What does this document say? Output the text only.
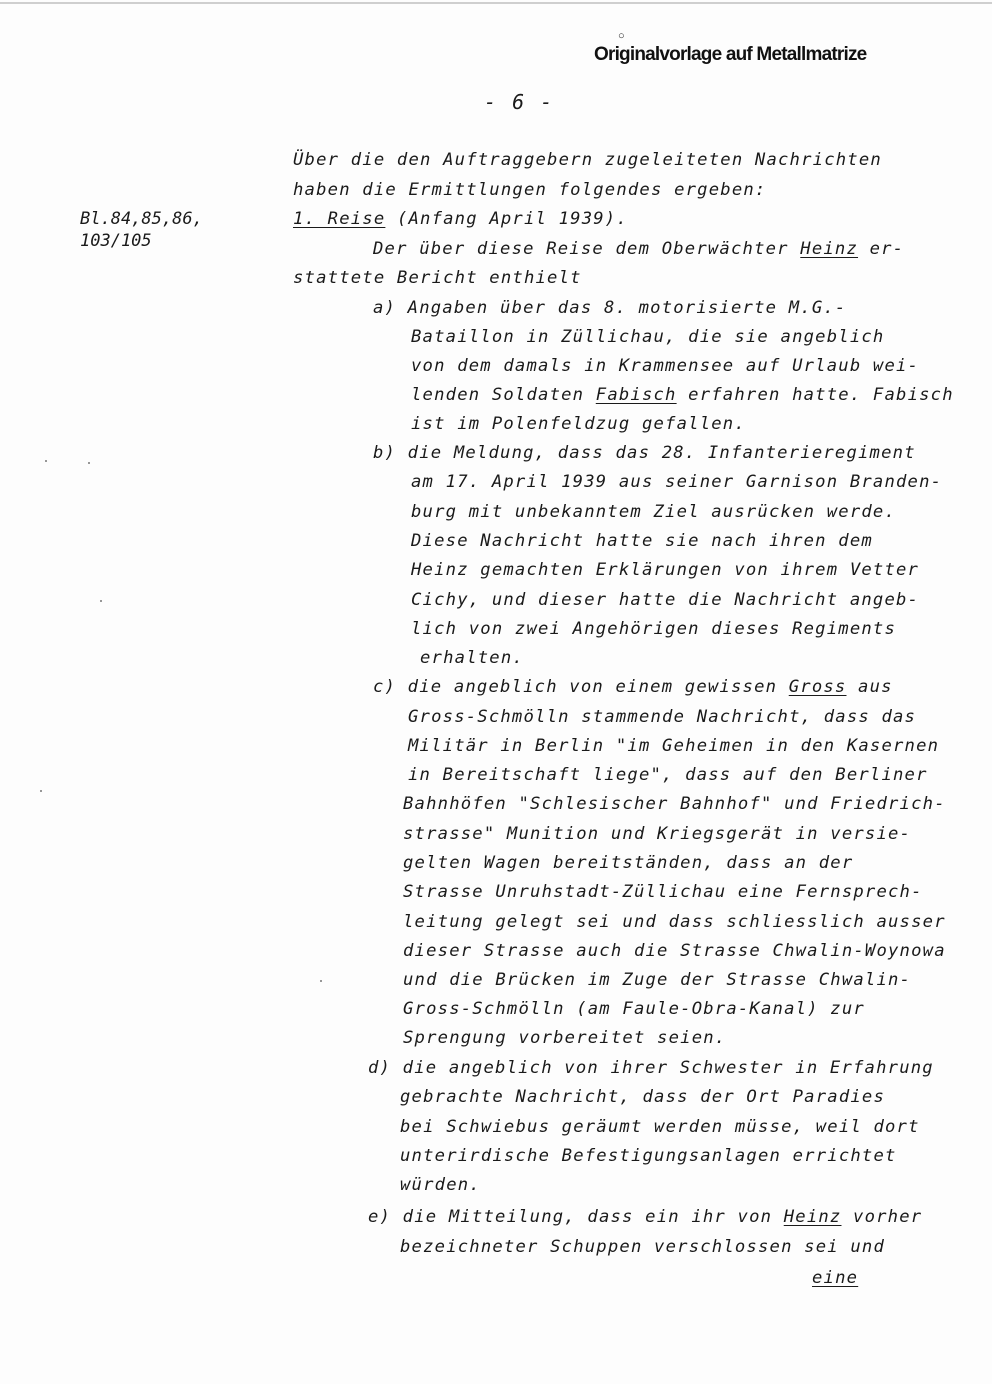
○
Originalvorlage auf Metallmatrize
- 6 -
Bl.84,85,86,
103/105
Über die den Auftraggebern zugeleiteten Nachrichten
haben die Ermittlungen folgendes ergeben:
1. Reise (Anfang April 1939).
Der über diese Reise dem Oberwächter Heinz er-
stattete Bericht enthielt
a) Angaben über das 8. motorisierte M.G.-
Bataillon in Züllichau, die sie angeblich
von dem damals in Krammensee auf Urlaub wei-
lenden Soldaten Fabisch erfahren hatte. Fabisch
ist im Polenfeldzug gefallen.
b) die Meldung, dass das 28. Infanterieregiment
am 17. April 1939 aus seiner Garnison Branden-
burg mit unbekanntem Ziel ausrücken werde.
Diese Nachricht hatte sie nach ihren dem
Heinz gemachten Erklärungen von ihrem Vetter
Cichy, und dieser hatte die Nachricht angeb-
lich von zwei Angehörigen dieses Regiments
erhalten.
c) die angeblich von einem gewissen Gross aus
Gross-Schmölln stammende Nachricht, dass das
Militär in Berlin "im Geheimen in den Kasernen
in Bereitschaft liege", dass auf den Berliner
Bahnhöfen "Schlesischer Bahnhof" und Friedrich-
strasse" Munition und Kriegsgerät in versie-
gelten Wagen bereitständen, dass an der
Strasse Unruhstadt-Züllichau eine Fernsprech-
leitung gelegt sei und dass schliesslich ausser
dieser Strasse auch die Strasse Chwalin-Woynowa
und die Brücken im Zuge der Strasse Chwalin-
Gross-Schmölln (am Faule-Obra-Kanal) zur
Sprengung vorbereitet seien.
d) die angeblich von ihrer Schwester in Erfahrung
gebrachte Nachricht, dass der Ort Paradies
bei Schwiebus geräumt werden müsse, weil dort
unterirdische Befestigungsanlagen errichtet
würden.
e) die Mitteilung, dass ein ihr von Heinz vorher
bezeichneter Schuppen verschlossen sei und
eine
